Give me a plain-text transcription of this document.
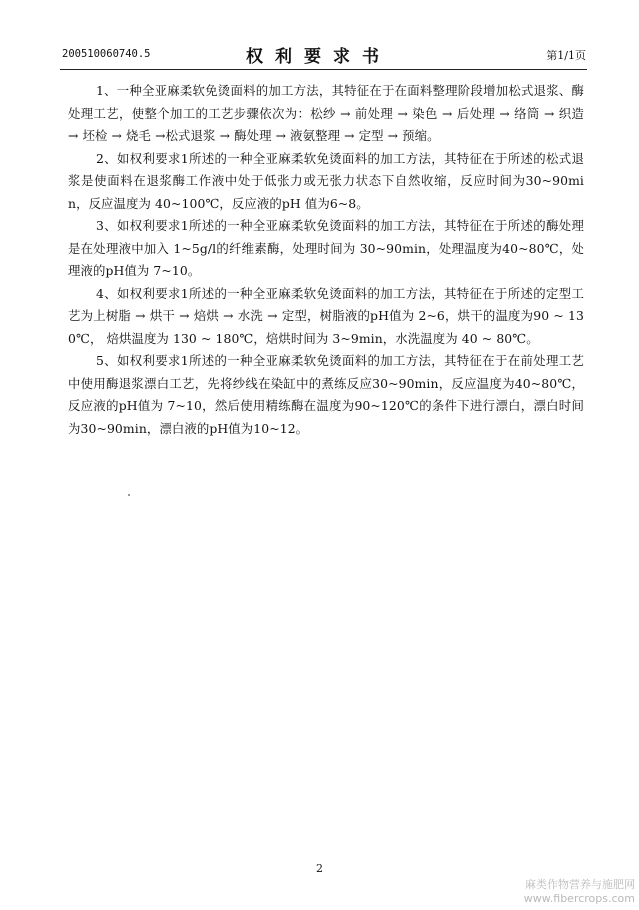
200510060740.5	权利要求书	第1/1页

1、一种全亚麻柔软免烫面料的加工方法，其特征在于在面料整理阶段增加松式退浆、酶处理工艺，使整个加工的工艺步骤依次为：松纱 → 前处理 → 染色 → 后处理 → 络筒 → 织造 → 坯检 → 烧毛 →松式退浆 → 酶处理 → 液氨整理 → 定型 → 预缩。

2、如权利要求1所述的一种全亚麻柔软免烫面料的加工方法，其特征在于所述的松式退浆是使面料在退浆酶工作液中处于低张力或无张力状态下自然收缩，反应时间为30~90min，反应温度为 40~100℃，反应液的pH 值为6~8。

3、如权利要求1所述的一种全亚麻柔软免烫面料的加工方法，其特征在于所述的酶处理是在处理液中加入 1~5g/l的纤维素酶，处理时间为 30~90min，处理温度为40~80℃，处理液的pH值为 7~10。

4、如权利要求1所述的一种全亚麻柔软免烫面料的加工方法，其特征在于所述的定型工艺为上树脂 → 烘干 → 焙烘 → 水洗 → 定型，树脂液的pH值为 2~6，烘干的温度为90 ~ 130℃， 焙烘温度为 130 ~ 180℃，焙烘时间为 3~9min，水洗温度为 40 ~ 80℃。

5、如权利要求1所述的一种全亚麻柔软免烫面料的加工方法，其特征在于在前处理工艺中使用酶退浆漂白工艺，先将纱线在染缸中的煮练反应30~90min，反应温度为40~80℃，反应液的pH值为 7~10，然后使用精练酶在温度为90~120℃的条件下进行漂白，漂白时间为30~90min，漂白液的pH值为10~12。

2
麻类作物营养与施肥网
www.fibercrops.com
